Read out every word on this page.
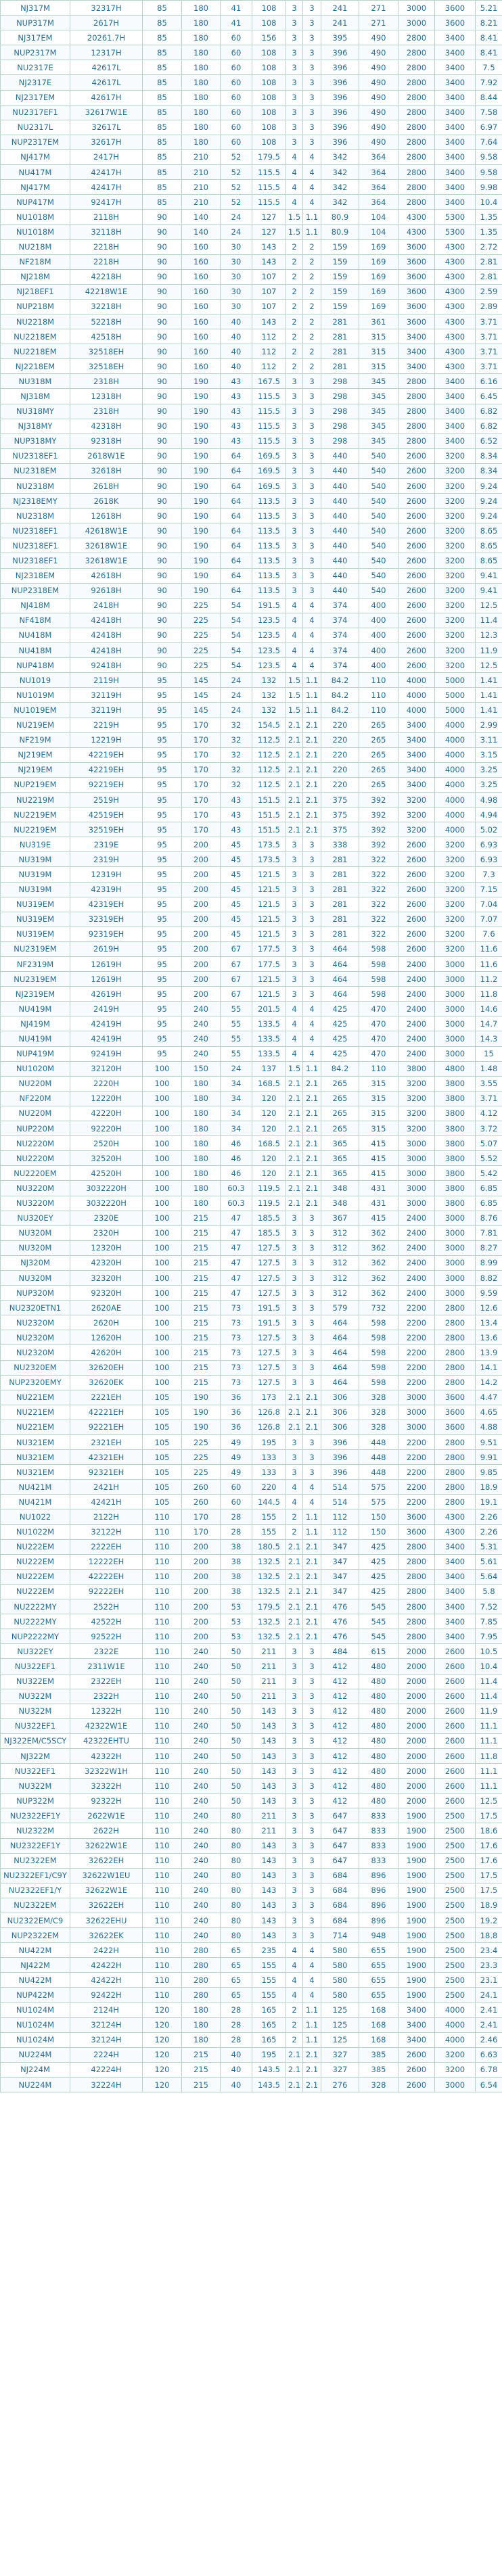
NJ317M	32317H	85	180	41	108	3	3	241	271	3000	3600	5.21
NUP317M	2617H	85	180	41	108	3	3	241	271	3000	3600	8.21
NJ317EM	20261.7H	85	180	60	156	3	3	395	490	2800	3400	8.41
NUP2317M	12317H	85	180	60	108	3	3	396	490	2800	3400	8.41
NU2317E	42617L	85	180	60	108	3	3	396	490	2800	3400	7.5
NJ2317E	42617L	85	180	60	108	3	3	396	490	2800	3400	7.92
NJ2317EM	42617H	85	180	60	108	3	3	396	490	2800	3400	8.44
NU2317EF1	32617W1E	85	180	60	108	3	3	396	490	2800	3400	7.58
NU2317L	32617L	85	180	60	108	3	3	396	490	2800	3400	6.97
NUP2317EM	32617H	85	180	60	108	3	3	396	490	2800	3400	7.64
NJ417M	2417H	85	210	52	179.5	4	4	342	364	2800	3400	9.58
NU417M	42417H	85	210	52	115.5	4	4	342	364	2800	3400	9.58
NJ417M	42417H	85	210	52	115.5	4	4	342	364	2800	3400	9.98
NUP417M	92417H	85	210	52	115.5	4	4	342	364	2800	3400	10.4
NU1018M	2118H	90	140	24	127	1.5	1.1	80.9	104	4300	5300	1.35
NU1018M	32118H	90	140	24	127	1.5	1.1	80.9	104	4300	5300	1.35
NU218M	2218H	90	160	30	143	2	2	159	169	3600	4300	2.72
NF218M	2218H	90	160	30	143	2	2	159	169	3600	4300	2.81
NJ218M	42218H	90	160	30	107	2	2	159	169	3600	4300	2.81
NJ218EF1	42218W1E	90	160	30	107	2	2	159	169	3600	4300	2.59
NUP218M	32218H	90	160	30	107	2	2	159	169	3600	4300	2.89
NU2218M	52218H	90	160	40	143	2	2	281	361	3600	4300	3.71
NU2218EM	42518H	90	160	40	112	2	2	281	315	3400	4300	3.71
NU2218EM	32518EH	90	160	40	112	2	2	281	315	3400	4300	3.71
NJ2218EM	32518EH	90	160	40	112	2	2	281	315	3400	4300	3.71
NU318M	2318H	90	190	43	167.5	3	3	298	345	2800	3400	6.16
NJ318M	12318H	90	190	43	115.5	3	3	298	345	2800	3400	6.45
NU318MY	2318H	90	190	43	115.5	3	3	298	345	2800	3400	6.82
NJ318MY	42318H	90	190	43	115.5	3	3	298	345	2800	3400	6.82
NUP318MY	92318H	90	190	43	115.5	3	3	298	345	2800	3400	6.52
NU2318EF1	2618W1E	90	190	64	169.5	3	3	440	540	2600	3200	8.34
NU2318EM	32618H	90	190	64	169.5	3	3	440	540	2600	3200	8.34
NU2318M	2618H	90	190	64	169.5	3	3	440	540	2600	3200	9.24
NJ2318EMY	2618K	90	190	64	113.5	3	3	440	540	2600	3200	9.24
NU2318M	12618H	90	190	64	113.5	3	3	440	540	2600	3200	9.24
NU2318EF1	42618W1E	90	190	64	113.5	3	3	440	540	2600	3200	8.65
NU2318EF1	32618W1E	90	190	64	113.5	3	3	440	540	2600	3200	8.65
NU2318EF1	32618W1E	90	190	64	113.5	3	3	440	540	2600	3200	8.65
NJ2318EM	42618H	90	190	64	113.5	3	3	440	540	2600	3200	9.41
NUP2318EM	92618H	90	190	64	113.5	3	3	440	540	2600	3200	9.41
NJ418M	2418H	90	225	54	191.5	4	4	374	400	2600	3200	12.5
NF418M	42418H	90	225	54	123.5	4	4	374	400	2600	3200	11.4
NU418M	42418H	90	225	54	123.5	4	4	374	400	2600	3200	12.3
NU418M	42418H	90	225	54	123.5	4	4	374	400	2600	3200	11.9
NUP418M	92418H	90	225	54	123.5	4	4	374	400	2600	3200	12.5
NU1019	2119H	95	145	24	132	1.5	1.1	84.2	110	4000	5000	1.41
NU1019M	32119H	95	145	24	132	1.5	1.1	84.2	110	4000	5000	1.41
NU1019EM	32119H	95	145	24	132	1.5	1.1	84.2	110	4000	5000	1.41
NU219EM	2219H	95	170	32	154.5	2.1	2.1	220	265	3400	4000	2.99
NF219M	12219H	95	170	32	112.5	2.1	2.1	220	265	3400	4000	3.11
NJ219EM	42219EH	95	170	32	112.5	2.1	2.1	220	265	3400	4000	3.15
NJ219EM	42219EH	95	170	32	112.5	2.1	2.1	220	265	3400	4000	3.25
NUP219EM	92219EH	95	170	32	112.5	2.1	2.1	220	265	3400	4000	3.25
NU2219M	2519H	95	170	43	151.5	2.1	2.1	375	392	3200	4000	4.98
NU2219EM	42519EH	95	170	43	151.5	2.1	2.1	375	392	3200	4000	4.94
NU2219EM	32519EH	95	170	43	151.5	2.1	2.1	375	392	3200	4000	5.02
NU319E	2319E	95	200	45	173.5	3	3	338	392	2600	3200	6.93
NU319M	2319H	95	200	45	173.5	3	3	281	322	2600	3200	6.93
NU319M	12319H	95	200	45	121.5	3	3	281	322	2600	3200	7.3
NU319M	42319H	95	200	45	121.5	3	3	281	322	2600	3200	7.15
NU319EM	42319EH	95	200	45	121.5	3	3	281	322	2600	3200	7.04
NU319EM	32319EH	95	200	45	121.5	3	3	281	322	2600	3200	7.07
NU319EM	92319EH	95	200	45	121.5	3	3	281	322	2600	3200	7.6
NU2319EM	2619H	95	200	67	177.5	3	3	464	598	2600	3200	11.6
NF2319M	12619H	95	200	67	177.5	3	3	464	598	2400	3000	11.6
NU2319EM	12619H	95	200	67	121.5	3	3	464	598	2400	3000	11.2
NJ2319EM	42619H	95	200	67	121.5	3	3	464	598	2400	3000	11.8
NU419M	2419H	95	240	55	201.5	4	4	425	470	2400	3000	14.6
NJ419M	42419H	95	240	55	133.5	4	4	425	470	2400	3000	14.7
NU419M	42419H	95	240	55	133.5	4	4	425	470	2400	3000	14.3
NUP419M	92419H	95	240	55	133.5	4	4	425	470	2400	3000	15
NU1020M	32120H	100	150	24	137	1.5	1.1	84.2	110	3800	4800	1.48
NU220M	2220H	100	180	34	168.5	2.1	2.1	265	315	3200	3800	3.55
NF220M	12220H	100	180	34	120	2.1	2.1	265	315	3200	3800	3.71
NU220M	42220H	100	180	34	120	2.1	2.1	265	315	3200	3800	4.12
NUP220M	92220H	100	180	34	120	2.1	2.1	265	315	3200	3800	3.72
NU2220M	2520H	100	180	46	168.5	2.1	2.1	365	415	3000	3800	5.07
NU2220M	32520H	100	180	46	120	2.1	2.1	365	415	3000	3800	5.52
NU2220EM	42520H	100	180	46	120	2.1	2.1	365	415	3000	3800	5.42
NU3220M	3032220H	100	180	60.3	119.5	2.1	2.1	348	431	3000	3800	6.85
NU3220M	3032220H	100	180	60.3	119.5	2.1	2.1	348	431	3000	3800	6.85
NU320EY	2320E	100	215	47	185.5	3	3	367	415	2400	3000	8.76
NU320M	2320H	100	215	47	185.5	3	3	312	362	2400	3000	7.81
NU320M	12320H	100	215	47	127.5	3	3	312	362	2400	3000	8.27
NJ320M	42320H	100	215	47	127.5	3	3	312	362	2400	3000	8.99
NU320M	32320H	100	215	47	127.5	3	3	312	362	2400	3000	8.82
NUP320M	92320H	100	215	47	127.5	3	3	312	362	2400	3000	9.59
NU2320ETN1	2620AE	100	215	73	191.5	3	3	579	732	2200	2800	12.6
NU2320M	2620H	100	215	73	191.5	3	3	464	598	2200	2800	13.4
NU2320M	12620H	100	215	73	127.5	3	3	464	598	2200	2800	13.6
NU2320M	42620H	100	215	73	127.5	3	3	464	598	2200	2800	13.9
NU2320EM	32620EH	100	215	73	127.5	3	3	464	598	2200	2800	14.1
NUP2320EMY	32620EK	100	215	73	127.5	3	3	464	598	2200	2800	14.2
NU221EM	2221EH	105	190	36	173	2.1	2.1	306	328	3000	3600	4.47
NU221EM	42221EH	105	190	36	126.8	2.1	2.1	306	328	3000	3600	4.65
NU221EM	92221EH	105	190	36	126.8	2.1	2.1	306	328	3000	3600	4.88
NU321EM	2321EH	105	225	49	195	3	3	396	448	2200	2800	9.51
NU321EM	42321EH	105	225	49	133	3	3	396	448	2200	2800	9.91
NU321EM	92321EH	105	225	49	133	3	3	396	448	2200	2800	9.85
NU421M	2421H	105	260	60	220	4	4	514	575	2200	2800	18.9
NU421M	42421H	105	260	60	144.5	4	4	514	575	2200	2800	19.1
NU1022	2122H	110	170	28	155	2	1.1	112	150	3600	4300	2.26
NU1022M	32122H	110	170	28	155	2	1.1	112	150	3600	4300	2.26
NU222EM	2222EH	110	200	38	180.5	2.1	2.1	347	425	2800	3400	5.31
NU222EM	12222EH	110	200	38	132.5	2.1	2.1	347	425	2800	3400	5.61
NU222EM	42222EH	110	200	38	132.5	2.1	2.1	347	425	2800	3400	5.64
NU222EM	92222EH	110	200	38	132.5	2.1	2.1	347	425	2800	3400	5.8
NU2222MY	2522H	110	200	53	179.5	2.1	2.1	476	545	2800	3400	7.52
NU2222MY	42522H	110	200	53	132.5	2.1	2.1	476	545	2800	3400	7.85
NUP2222MY	92522H	110	200	53	132.5	2.1	2.1	476	545	2800	3400	7.95
NU322EY	2322E	110	240	50	211	3	3	484	615	2000	2600	10.5
NU322EF1	2311W1E	110	240	50	211	3	3	412	480	2000	2600	10.4
NU322EM	2322EH	110	240	50	211	3	3	412	480	2000	2600	11.4
NU322M	2322H	110	240	50	211	3	3	412	480	2000	2600	11.4
NU322M	12322H	110	240	50	143	3	3	412	480	2000	2600	11.9
NU322EF1	42322W1E	110	240	50	143	3	3	412	480	2000	2600	11.1
NJ322EM/C5SCY	42322EHTU	110	240	50	143	3	3	412	480	2000	2600	11.1
NJ322M	42322H	110	240	50	143	3	3	412	480	2000	2600	11.8
NU322EF1	32322W1H	110	240	50	143	3	3	412	480	2000	2600	11.1
NU322M	32322H	110	240	50	143	3	3	412	480	2000	2600	11.1
NUP322M	92322H	110	240	50	143	3	3	412	480	2000	2600	12.5
NU2322EF1Y	2622W1E	110	240	80	211	3	3	647	833	1900	2500	17.5
NU2322M	2622H	110	240	80	211	3	3	647	833	1900	2500	18.6
NU2322EF1Y	32622W1E	110	240	80	143	3	3	647	833	1900	2500	17.6
NU2322EM	32622EH	110	240	80	143	3	3	647	833	1900	2500	17.6
NU2322EF1/C9Y	32622W1EU	110	240	80	143	3	3	684	896	1900	2500	17.5
NU2322EF1/Y	32622W1E	110	240	80	143	3	3	684	896	1900	2500	17.5
NU2322EM	32622EH	110	240	80	143	3	3	684	896	1900	2500	18.9
NU2322EM/C9	32622EHU	110	240	80	143	3	3	684	896	1900	2500	19.2
NUP2322EM	32622EK	110	240	80	143	3	3	714	948	1900	2500	18.8
NU422M	2422H	110	280	65	235	4	4	580	655	1900	2500	23.4
NJ422M	42422H	110	280	65	155	4	4	580	655	1900	2500	23.3
NU422M	42422H	110	280	65	155	4	4	580	655	1900	2500	23.1
NUP422M	92422H	110	280	65	155	4	4	580	655	1900	2500	24.1
NU1024M	2124H	120	180	28	165	2	1.1	125	168	3400	4000	2.41
NU1024M	32124H	120	180	28	165	2	1.1	125	168	3400	4000	2.41
NU1024M	32124H	120	180	28	165	2	1.1	125	168	3400	4000	2.46
NU224M	2224H	120	215	40	195	2.1	2.1	327	385	2600	3200	6.63
NJ224M	42224H	120	215	40	143.5	2.1	2.1	327	385	2600	3200	6.78
NU224M	32224H	120	215	40	143.5	2.1	2.1	276	328	2600	3000	6.54
